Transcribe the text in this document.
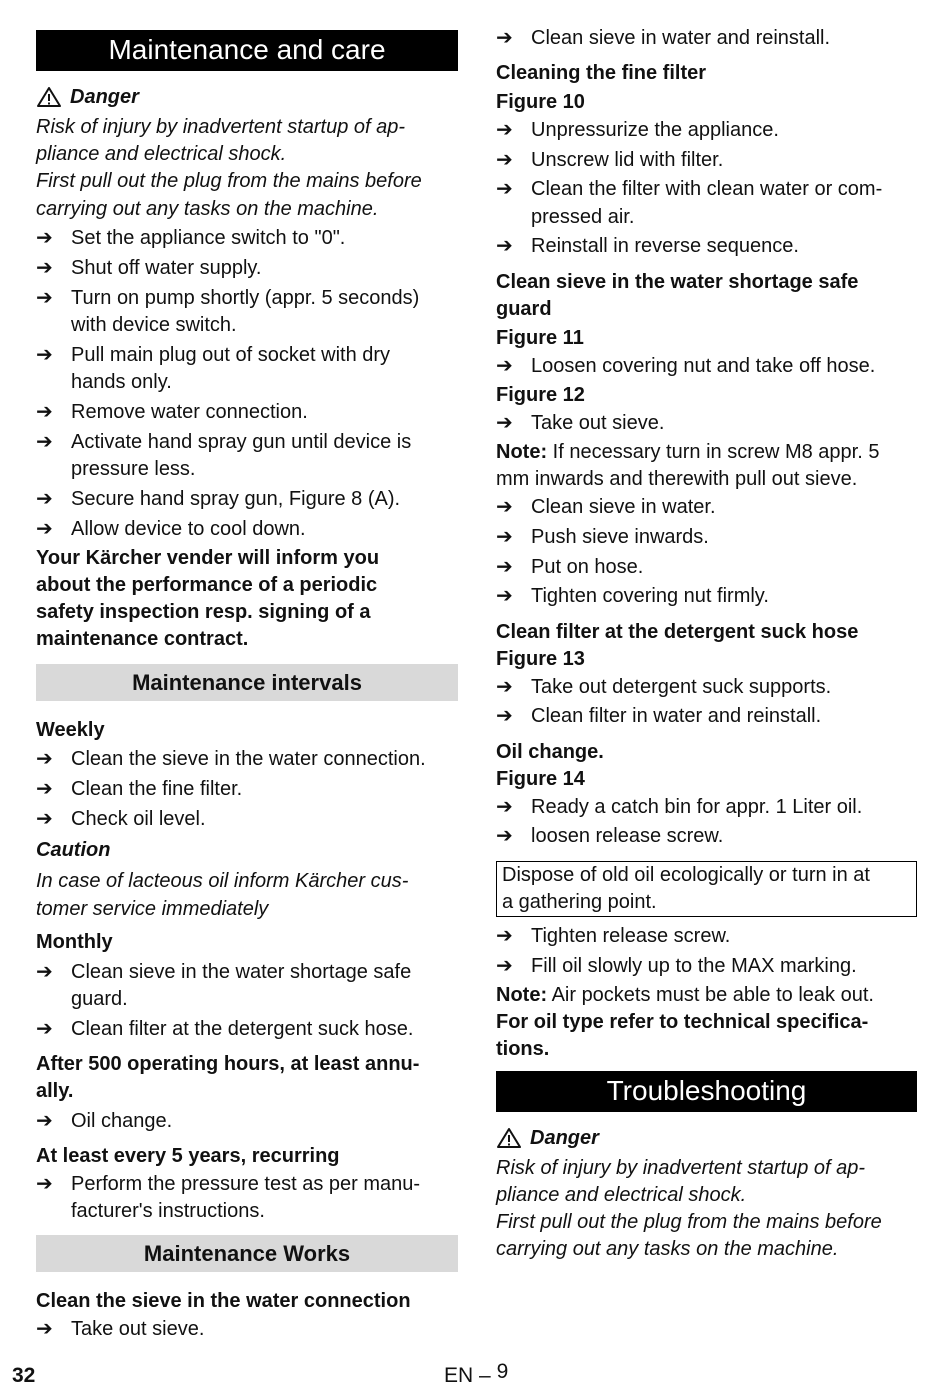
Maintenance and care
Danger
Risk of injury by inadvertent startup of ap-
pliance and electrical shock.
First pull out the plug from the mains before
carrying out any tasks on the machine.
➔ Set the appliance switch to "0".
➔ Shut off water supply.
➔ Turn on pump shortly (appr. 5 seconds)
with device switch.
➔ Pull main plug out of socket with dry
hands only.
➔ Remove water connection.
➔ Activate hand spray gun until device is
pressure less.
➔ Secure hand spray gun, Figure 8 (A).
➔ Allow device to cool down.
Your Kärcher vender will inform you
about the performance of a periodic
safety inspection resp. signing of a
maintenance contract.
Maintenance intervals
Weekly
➔ Clean the sieve in the water connection.
➔ Clean the fine filter.
➔ Check oil level.
Caution
In case of lacteous oil inform Kärcher cus-
tomer service immediately
Monthly
➔ Clean sieve in the water shortage safe
guard.
➔ Clean filter at the detergent suck hose.
After 500 operating hours, at least annu-
ally.
➔ Oil change.
At least every 5 years, recurring
➔ Perform the pressure test as per manu-
facturer's instructions.
Maintenance Works
Clean the sieve in the water connection
➔ Take out sieve.
➔ Clean sieve in water and reinstall.
Cleaning the fine filter
Figure 10
➔ Unpressurize the appliance.
➔ Unscrew lid with filter.
➔ Clean the filter with clean water or com-
pressed air.
➔ Reinstall in reverse sequence.
Clean sieve in the water shortage safe
guard
Figure 11
➔ Loosen covering nut and take off hose.
Figure 12
➔ Take out sieve.
Note: If necessary turn in screw M8 appr. 5
mm inwards and therewith pull out sieve.
➔ Clean sieve in water.
➔ Push sieve inwards.
➔ Put on hose.
➔ Tighten covering nut firmly.
Clean filter at the detergent suck hose
Figure 13
➔ Take out detergent suck supports.
➔ Clean filter in water and reinstall.
Oil change.
Figure 14
➔ Ready a catch bin for appr. 1 Liter oil.
➔ loosen release screw.
Dispose of old oil ecologically or turn in at
a gathering point.
➔ Tighten release screw.
➔ Fill oil slowly up to the MAX marking.
Note: Air pockets must be able to leak out.
For oil type refer to technical specifica-
tions.
Troubleshooting
Danger
Risk of injury by inadvertent startup of ap-
pliance and electrical shock.
First pull out the plug from the mains before
carrying out any tasks on the machine.
32	EN – 9
